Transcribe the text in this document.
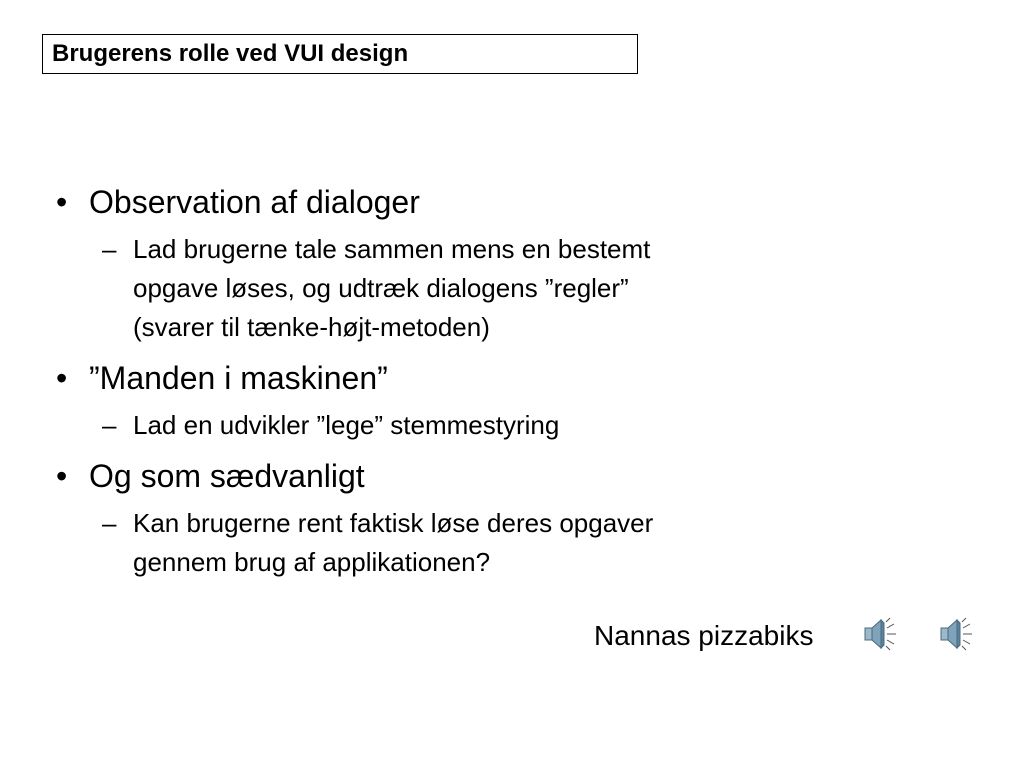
Brugerens rolle ved VUI design
• Observation af dialoger
– Lad brugerne tale sammen mens en bestemt
opgave løses, og udtræk dialogens ”regler”
(svarer til tænke-højt-metoden)
• ”Manden i maskinen”
– Lad en udvikler ”lege” stemmestyring
• Og som sædvanligt
– Kan brugerne rent faktisk løse deres opgaver
gennem brug af applikationen?
Nannas pizzabiks
